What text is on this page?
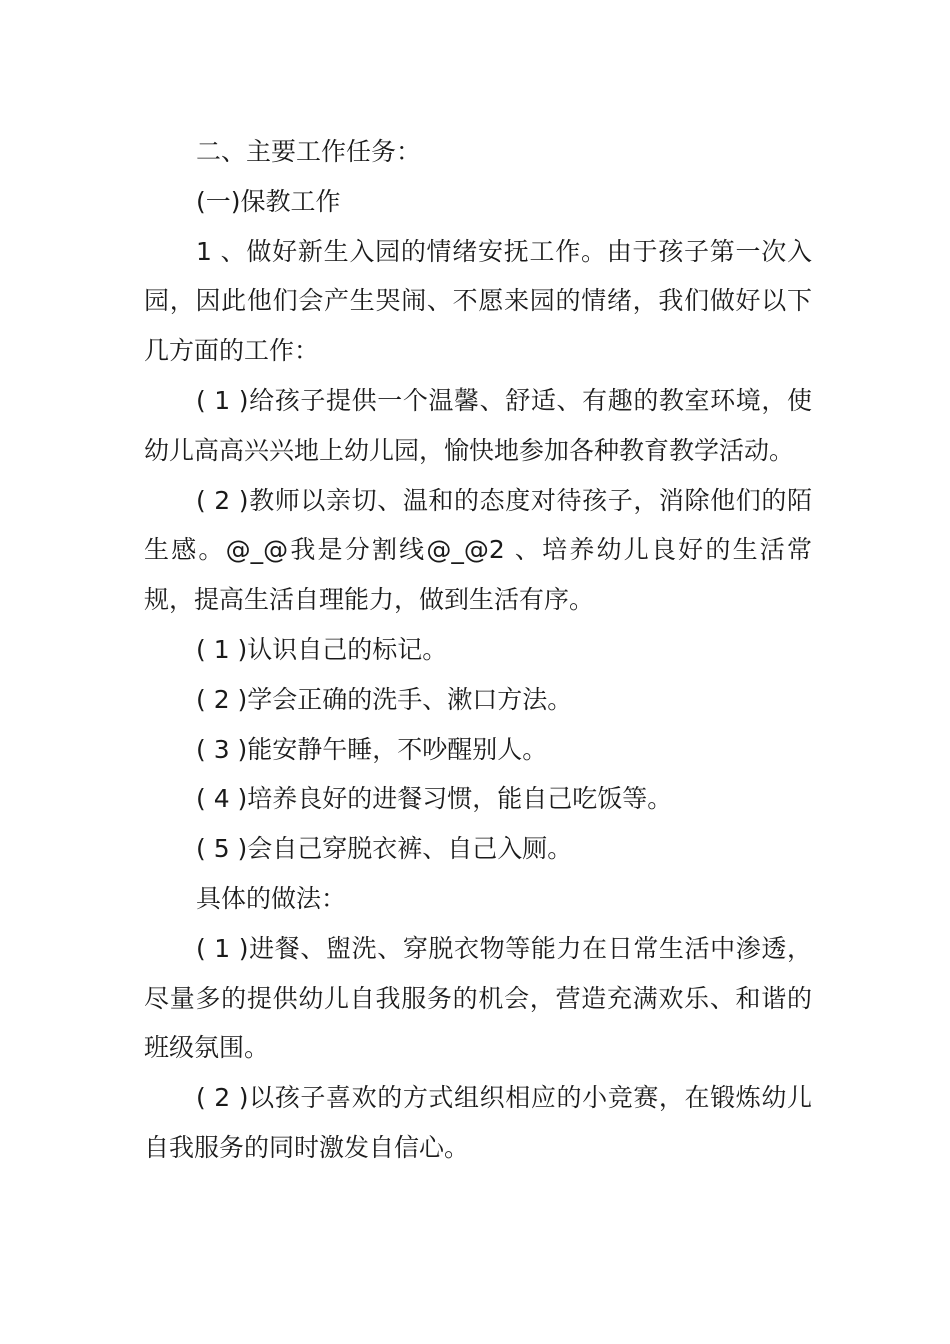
二、主要工作任务：

(一)保教工作

1 、做好新生入园的情绪安抚工作。由于孩子第一次入园，因此他们会产生哭闹、不愿来园的情绪，我们做好以下几方面的工作：

( 1 )给孩子提供一个温馨、舒适、有趣的教室环境，使幼儿高高兴兴地上幼儿园，愉快地参加各种教育教学活动。

( 2 )教师以亲切、温和的态度对待孩子，消除他们的陌生感。@_@我是分割线@_@2 、培养幼儿良好的生活常规，提高生活自理能力，做到生活有序。

( 1 )认识自己的标记。

( 2 )学会正确的洗手、漱口方法。

( 3 )能安静午睡，不吵醒别人。

( 4 )培养良好的进餐习惯，能自己吃饭等。

( 5 )会自己穿脱衣裤、自己入厕。

具体的做法：

( 1 )进餐、盥洗、穿脱衣物等能力在日常生活中渗透，尽量多的提供幼儿自我服务的机会，营造充满欢乐、和谐的班级氛围。

( 2 )以孩子喜欢的方式组织相应的小竞赛，在锻炼幼儿自我服务的同时激发自信心。
